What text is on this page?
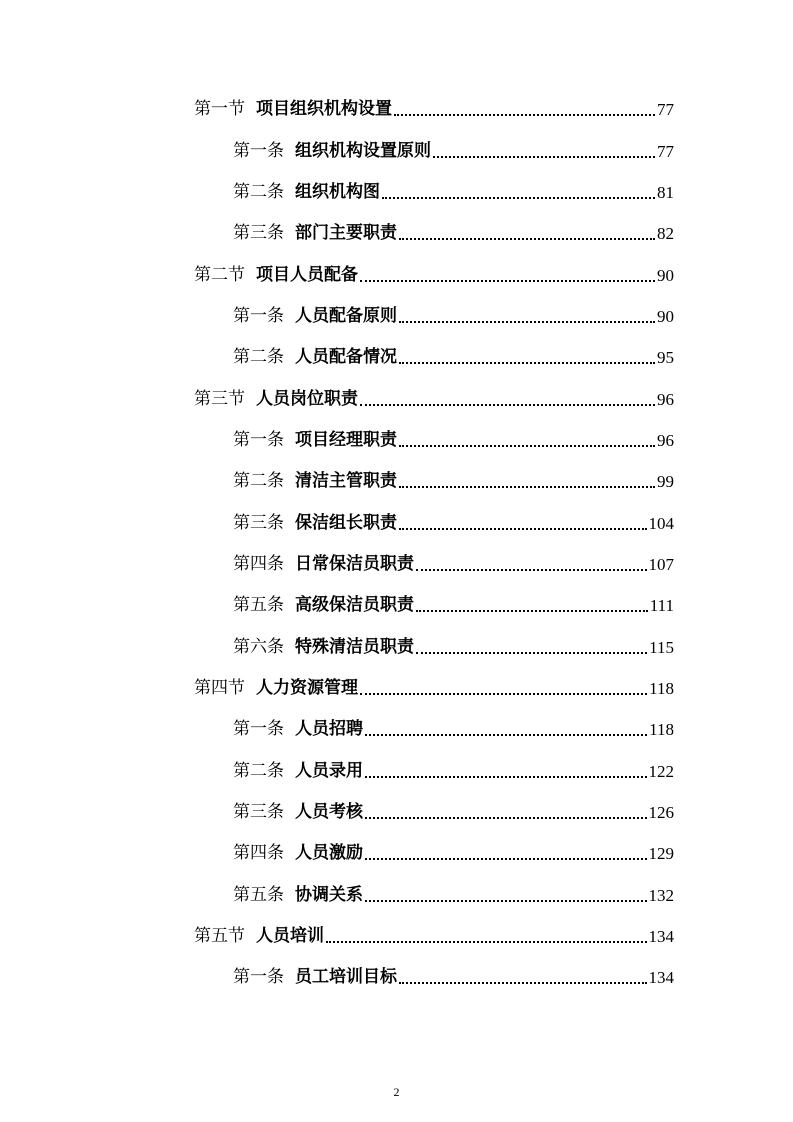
第一节 项目组织机构设置	77
第一条 组织机构设置原则	77
第二条 组织机构图	81
第三条 部门主要职责	82
第二节 项目人员配备	90
第一条 人员配备原则	90
第二条 人员配备情况	95
第三节 人员岗位职责	96
第一条 项目经理职责	96
第二条 清洁主管职责	99
第三条 保洁组长职责	104
第四条 日常保洁员职责	107
第五条 高级保洁员职责	111
第六条 特殊清洁员职责	115
第四节 人力资源管理	118
第一条 人员招聘	118
第二条 人员录用	122
第三条 人员考核	126
第四条 人员激励	129
第五条 协调关系	132
第五节 人员培训	134
第一条 员工培训目标	134
2
